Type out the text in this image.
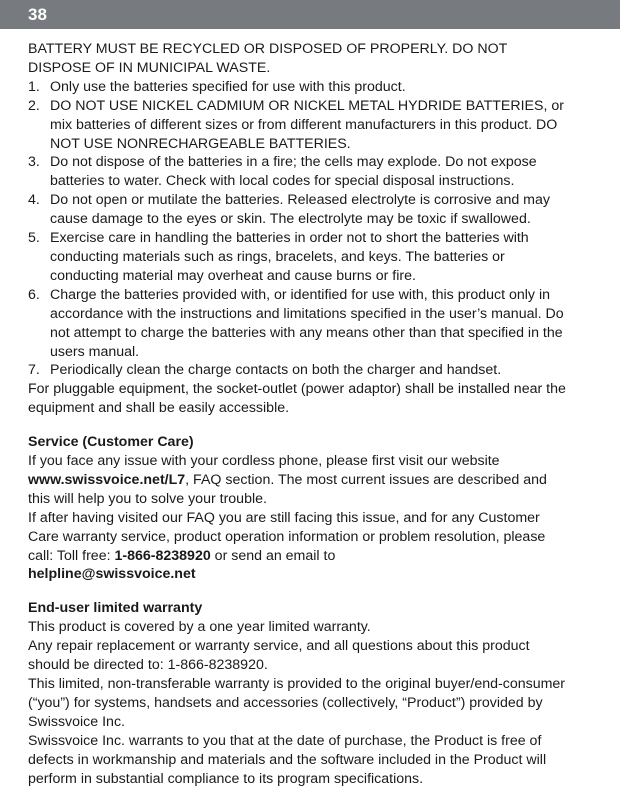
38

BATTERY MUST BE RECYCLED OR DISPOSED OF PROPERLY. DO NOT DISPOSE OF IN MUNICIPAL WASTE.

1. Only use the batteries specified for use with this product.
2. DO NOT USE NICKEL CADMIUM OR NICKEL METAL HYDRIDE BATTERIES, or mix batteries of different sizes or from different manufacturers in this product. DO NOT USE NONRECHARGEABLE BATTERIES.
3. Do not dispose of the batteries in a fire; the cells may explode. Do not expose batteries to water. Check with local codes for special disposal instructions.
4. Do not open or mutilate the batteries. Released electrolyte is corrosive and may cause damage to the eyes or skin. The electrolyte may be toxic if swallowed.
5. Exercise care in handling the batteries in order not to short the batteries with conducting materials such as rings, bracelets, and keys. The batteries or conducting material may overheat and cause burns or fire.
6. Charge the batteries provided with, or identified for use with, this product only in accordance with the instructions and limitations specified in the user’s manual. Do not attempt to charge the batteries with any means other than that specified in the users manual.
7. Periodically clean the charge contacts on both the charger and handset.

For pluggable equipment, the socket-outlet (power adaptor) shall be installed near the equipment and shall be easily accessible.

Service (Customer Care)

If you face any issue with your cordless phone, please first visit our website www.swissvoice.net/L7, FAQ section. The most current issues are described and this will help you to solve your trouble.

If after having visited our FAQ you are still facing this issue, and for any Customer Care warranty service, product operation information or problem resolution, please call: Toll free: 1-866-8238920 or send an email to
helpline@swissvoice.net

End-user limited warranty

This product is covered by a one year limited warranty.

Any repair replacement or warranty service, and all questions about this product should be directed to: 1-866-8238920.

This limited, non-transferable warranty is provided to the original buyer/end-consumer (“you”) for systems, handsets and accessories (collectively, “Product”) provided by Swissvoice Inc.

Swissvoice Inc. warrants to you that at the date of purchase, the Product is free of defects in workmanship and materials and the software included in the Product will perform in substantial compliance to its program specifications.
